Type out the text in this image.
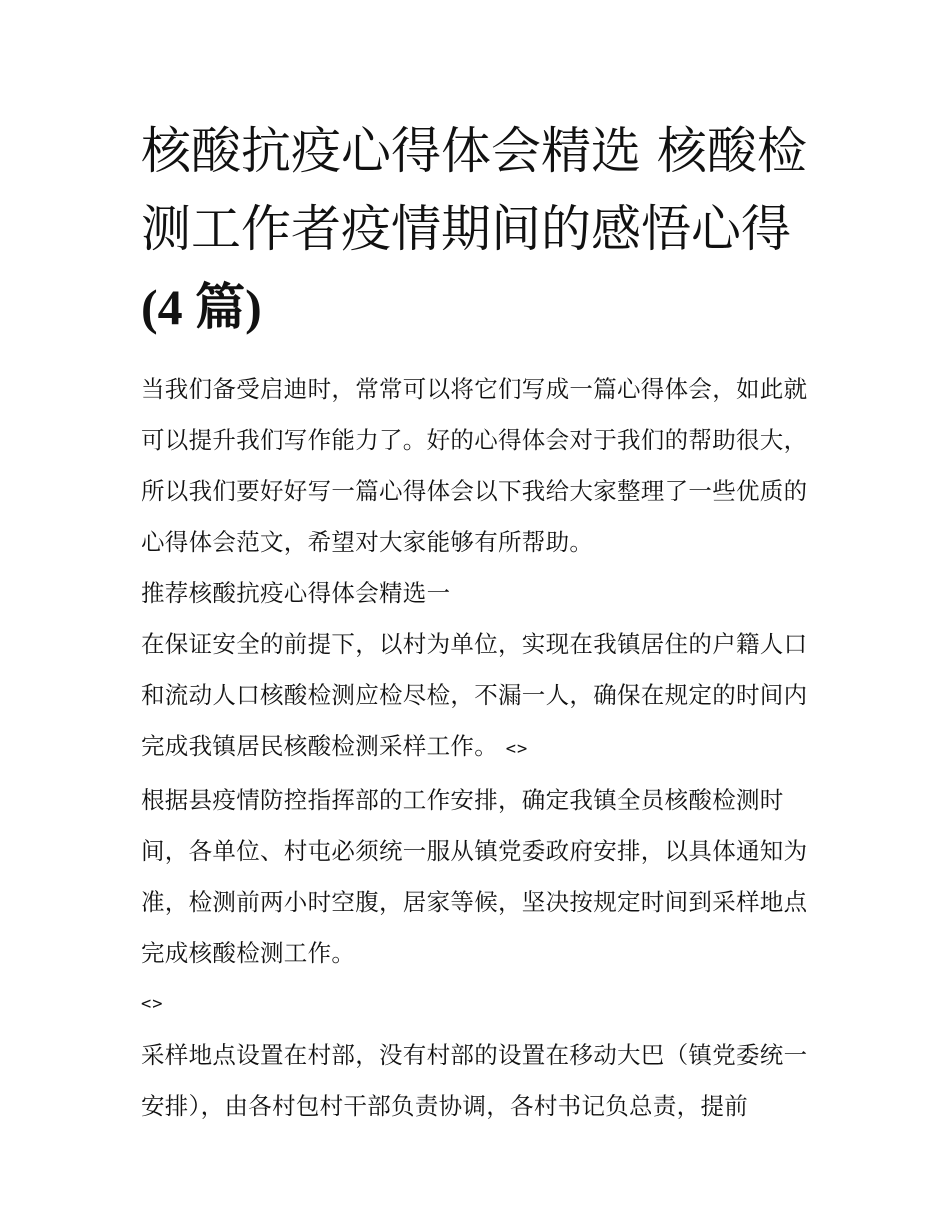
核酸抗疫心得体会精选 核酸检测工作者疫情期间的感悟心得
(4 篇)

当我们备受启迪时，常常可以将它们写成一篇心得体会，如此就可以提升我们写作能力了。好的心得体会对于我们的帮助很大，所以我们要好好写一篇心得体会以下我给大家整理了一些优质的心得体会范文，希望对大家能够有所帮助。

推荐核酸抗疫心得体会精选一

在保证安全的前提下，以村为单位，实现在我镇居住的户籍人口和流动人口核酸检测应检尽检，不漏一人，确保在规定的时间内完成我镇居民核酸检测采样工作。 <>

根据县疫情防控指挥部的工作安排，确定我镇全员核酸检测时间，各单位、村屯必须统一服从镇党委政府安排，以具体通知为准，检测前两小时空腹，居家等候，坚决按规定时间到采样地点完成核酸检测工作。

<>

采样地点设置在村部，没有村部的设置在移动大巴（镇党委统一安排），由各村包村干部负责协调，各村书记负总责，提前
